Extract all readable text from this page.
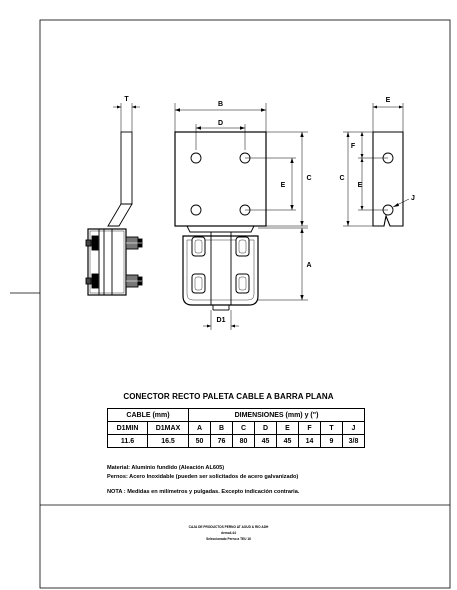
T
B
D
E
C
A
E
F
E
C
J
D1
CONECTOR RECTO PALETA CABLE A BARRA PLANA
CABLE (mm)		DIMENSIONES (mm) y (")							
D1MIN	D1MAX	A	B	C	D	E	F	T	J
11.6	16.5	50	76	80	45	45	14	9	3/8
Material: Aluminio fundido (Aleación AL605)
Pernos: Acero Inoxidable (pueden ser solicitados de acero galvanizado)
NOTA : Medidas en milímetros y pulgadas. Excepto indicación contraria.
CAJA DE PRODUCTOS PERNO AT AOUD & RIO ADH
demo4.44
Seleccionado Perno a TEU 16
